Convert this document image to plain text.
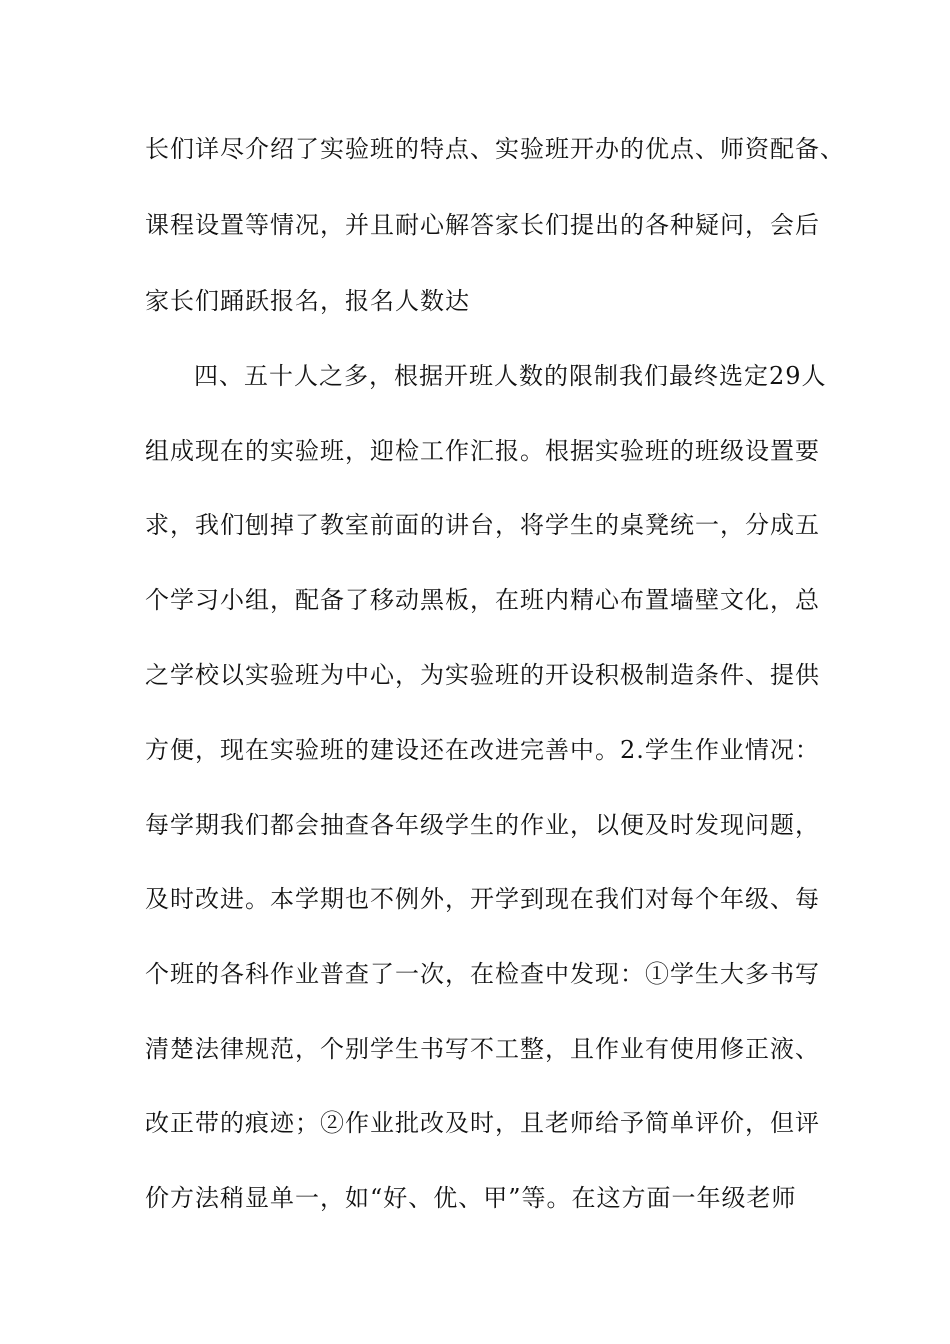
长们详尽介绍了实验班的特点、实验班开办的优点、师资配备、
课程设置等情况，并且耐心解答家长们提出的各种疑问，会后
家长们踊跃报名，报名人数达
四、五十人之多，根据开班人数的限制我们最终选定29人
组成现在的实验班，迎检工作汇报。根据实验班的班级设置要
求，我们刨掉了教室前面的讲台，将学生的桌凳统一，分成五
个学习小组，配备了移动黑板，在班内精心布置墙壁文化，总
之学校以实验班为中心，为实验班的开设积极制造条件、提供
方便，现在实验班的建设还在改进完善中。2.学生作业情况：
每学期我们都会抽查各年级学生的作业，以便及时发现问题，
及时改进。本学期也不例外，开学到现在我们对每个年级、每
个班的各科作业普查了一次，在检查中发现：①学生大多书写
清楚法律规范，个别学生书写不工整，且作业有使用修正液、
改正带的痕迹；②作业批改及时，且老师给予简单评价，但评
价方法稍显单一，如“好、优、甲”等。在这方面一年级老师
